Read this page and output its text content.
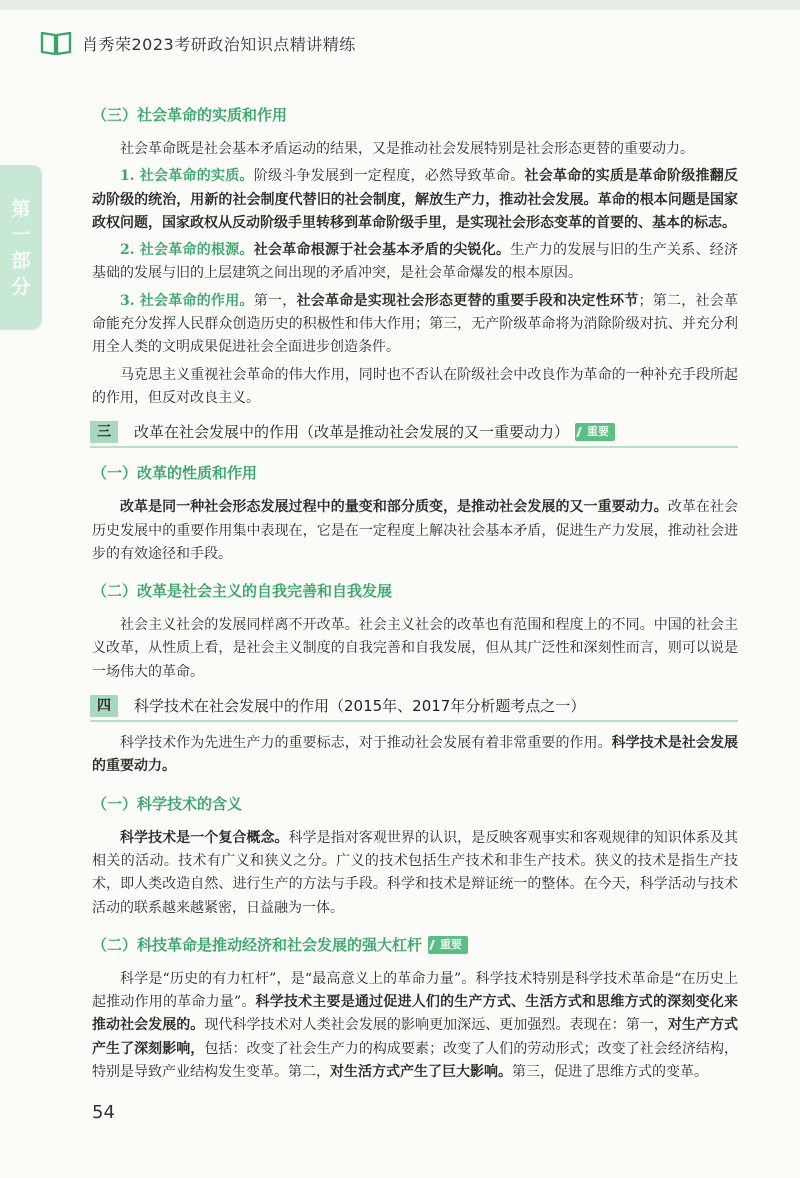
肖秀荣2023考研政治知识点精讲精练
第
一
部
分
（三）社会革命的实质和作用

社会革命既是社会基本矛盾运动的结果，又是推动社会发展特别是社会形态更替的重要动力。

1. 社会革命的实质。阶级斗争发展到一定程度，必然导致革命。社会革命的实质是革命阶级推翻反动阶级的统治，用新的社会制度代替旧的社会制度，解放生产力，推动社会发展。革命的根本问题是国家政权问题，国家政权从反动阶级手里转移到革命阶级手里，是实现社会形态变革的首要的、基本的标志。

2. 社会革命的根源。社会革命根源于社会基本矛盾的尖锐化。生产力的发展与旧的生产关系、经济基础的发展与旧的上层建筑之间出现的矛盾冲突，是社会革命爆发的根本原因。

3. 社会革命的作用。第一，社会革命是实现社会形态更替的重要手段和决定性环节；第二，社会革命能充分发挥人民群众创造历史的积极性和伟大作用；第三，无产阶级革命将为消除阶级对抗、并充分利用全人类的文明成果促进社会全面进步创造条件。

马克思主义重视社会革命的伟大作用，同时也不否认在阶级社会中改良作为革命的一种补充手段所起的作用，但反对改良主义。

三	改革在社会发展中的作用（改革是推动社会发展的又一重要动力）	重要
（一）改革的性质和作用

改革是同一种社会形态发展过程中的量变和部分质变，是推动社会发展的又一重要动力。改革在社会历史发展中的重要作用集中表现在，它是在一定程度上解决社会基本矛盾，促进生产力发展，推动社会进步的有效途径和手段。

（二）改革是社会主义的自我完善和自我发展

社会主义社会的发展同样离不开改革。社会主义社会的改革也有范围和程度上的不同。中国的社会主义改革，从性质上看，是社会主义制度的自我完善和自我发展，但从其广泛性和深刻性而言，则可以说是一场伟大的革命。

四	科学技术在社会发展中的作用（2015年、2017年分析题考点之一）

科学技术作为先进生产力的重要标志，对于推动社会发展有着非常重要的作用。科学技术是社会发展的重要动力。

（一）科学技术的含义

科学技术是一个复合概念。科学是指对客观世界的认识，是反映客观事实和客观规律的知识体系及其相关的活动。技术有广义和狭义之分。广义的技术包括生产技术和非生产技术。狭义的技术是指生产技术，即人类改造自然、进行生产的方法与手段。科学和技术是辩证统一的整体。在今天，科学活动与技术活动的联系越来越紧密，日益融为一体。

（二）科技革命是推动经济和社会发展的强大杠杆	重要

科学是“历史的有力杠杆”，是“最高意义上的革命力量”。科学技术特别是科学技术革命是“在历史上起推动作用的革命力量”。科学技术主要是通过促进人们的生产方式、生活方式和思维方式的深刻变化来推动社会发展的。现代科学技术对人类社会发展的影响更加深远、更加强烈。表现在：第一，对生产方式产生了深刻影响，包括：改变了社会生产力的构成要素；改变了人们的劳动形式；改变了社会经济结构，特别是导致产业结构发生变革。第二，对生活方式产生了巨大影响。第三，促进了思维方式的变革。

54
